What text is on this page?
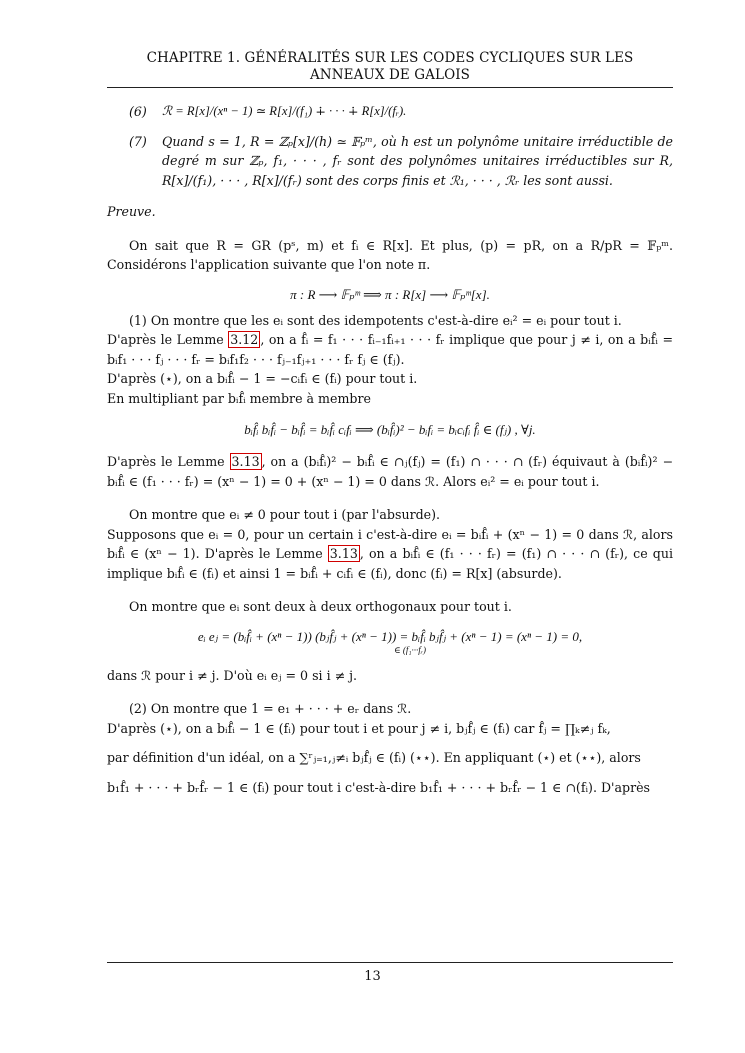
CHAPITRE 1. GÉNÉRALITÉS SUR LES CODES CYCLIQUES SUR LES
ANNEAUX DE GALOIS
(6)	ℛ = R[x]/(xⁿ − 1) ≃ R[x]/(f₁) ∔ · · · ∔ R[x]/(fᵣ).
(7)	Quand s = 1, R = ℤₚ[x]/(h) ≃ 𝔽ₚᵐ, où h est un polynôme unitaire irréductible de degré m sur ℤₚ, f₁, · · · , fᵣ sont des polynômes unitaires irréductibles sur R, R[x]/(f₁), · · · , R[x]/(fᵣ) sont des corps finis et ℛ₁, · · · , ℛᵣ les sont aussi.
Preuve.
On sait que R = GR (pˢ, m) et fᵢ ∈ R[x]. Et plus, (p) = pR, on a R/pR = 𝔽ₚᵐ. Considérons l'application suivante que l'on note π.
π : R ⟶ 𝔽ₚᵐ ⟹ π : R[x] ⟶ 𝔽ₚᵐ[x].
(1) On montre que les eᵢ sont des idempotents c'est-à-dire eᵢ² = eᵢ pour tout i.
D'après le Lemme 3.12 , on a f̂ᵢ = f₁ · · · fᵢ₋₁fᵢ₊₁ · · · fᵣ implique que pour j ≠ i, on a bᵢf̂ᵢ = bᵢf₁ · · · fⱼ · · · fᵣ = bᵢf₁f₂ · · · fⱼ₋₁fⱼ₊₁ · · · fᵣ fⱼ ∈ (fⱼ).
D'après (⋆), on a bᵢf̂ᵢ − 1 = −cᵢfᵢ ∈ (fᵢ) pour tout i.
En multipliant par bᵢf̂ᵢ membre à membre
bᵢf̂ᵢ bᵢf̂ᵢ − bᵢf̂ᵢ = bᵢf̂ᵢ cᵢfᵢ ⟹ (bᵢf̂ᵢ)² − bᵢfᵢ = bᵢcᵢfᵢ f̂ᵢ ∈ (fⱼ) , ∀j.
D'après le Lemme 3.13 , on a (bᵢf̂ᵢ)² − bᵢf̂ᵢ ∈ ∩ⱼ(fⱼ) = (f₁) ∩ · · · ∩ (fᵣ) équivaut à (bᵢf̂ᵢ)² − bᵢf̂ᵢ ∈ (f₁ · · · fᵣ) = (xⁿ − 1) = 0 + (xⁿ − 1) = 0 dans ℛ. Alors eᵢ² = eᵢ pour tout i.
On montre que eᵢ ≠ 0 pour tout i (par l'absurde).
Supposons que eᵢ = 0, pour un certain i c'est-à-dire eᵢ = bᵢf̂ᵢ + (xⁿ − 1) = 0 dans ℛ, alors bᵢf̂ᵢ ∈ (xⁿ − 1). D'après le Lemme 3.13 , on a bᵢf̂ᵢ ∈ (f₁ · · · fᵣ) = (f₁) ∩ · · · ∩ (fᵣ), ce qui implique bᵢf̂ᵢ ∈ (fᵢ) et ainsi 1 = bᵢf̂ᵢ + cᵢfᵢ ∈ (fᵢ), donc (fᵢ) = R[x] (absurde).
On montre que eᵢ sont deux à deux orthogonaux pour tout i.
eᵢ eⱼ = (bᵢf̂ᵢ + (xⁿ − 1)) (bⱼf̂ⱼ + (xⁿ − 1)) = bᵢf̂ᵢ bⱼf̂ⱼ + (xⁿ − 1) = (xⁿ − 1) = 0,
∈ (f₁···fᵣ)
dans ℛ pour i ≠ j. D'où eᵢ eⱼ = 0 si i ≠ j.
(2) On montre que 1 = e₁ + · · · + eᵣ dans ℛ.
D'après (⋆), on a bᵢf̂ᵢ − 1 ∈ (fᵢ) pour tout i et pour j ≠ i, bⱼf̂ⱼ ∈ (fᵢ) car f̂ⱼ = ∏ₖ≠ⱼ fₖ,
par définition d'un idéal, on a ∑ʳⱼ₌₁,ⱼ≠ᵢ bⱼf̂ⱼ ∈ (fᵢ) (⋆⋆). En appliquant (⋆) et (⋆⋆), alors
b₁f̂₁ + · · · + bᵣf̂ᵣ − 1 ∈ (fᵢ) pour tout i c'est-à-dire b₁f̂₁ + · · · + bᵣf̂ᵣ − 1 ∈ ∩(fᵢ). D'après
13
